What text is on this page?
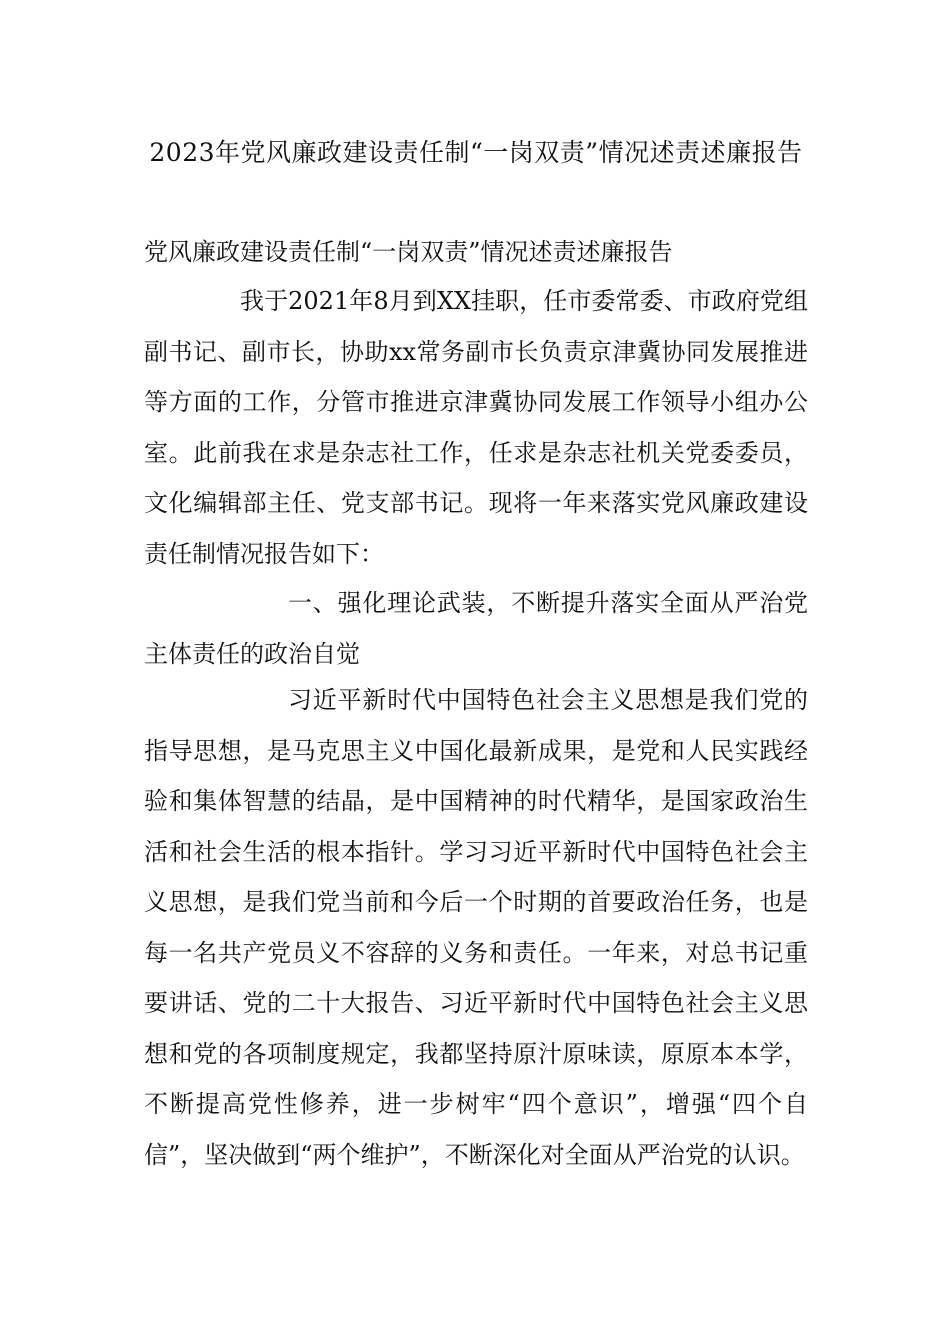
2023年党风廉政建设责任制“一岗双责”情况述责述廉报告

党风廉政建设责任制“一岗双责”情况述责述廉报告

我于2021年8月到XX挂职，任市委常委、市政府党组副书记、副市长，协助xx常务副市长负责京津冀协同发展推进等方面的工作，分管市推进京津冀协同发展工作领导小组办公室。此前我在求是杂志社工作，任求是杂志社机关党委委员，文化编辑部主任、党支部书记。现将一年来落实党风廉政建设责任制情况报告如下：

一、强化理论武装，不断提升落实全面从严治党主体责任的政治自觉

习近平新时代中国特色社会主义思想是我们党的指导思想，是马克思主义中国化最新成果，是党和人民实践经验和集体智慧的结晶，是中国精神的时代精华，是国家政治生活和社会生活的根本指针。学习习近平新时代中国特色社会主义思想，是我们党当前和今后一个时期的首要政治任务，也是每一名共产党员义不容辞的义务和责任。一年来，对总书记重要讲话、党的二十大报告、习近平新时代中国特色社会主义思想和党的各项制度规定，我都坚持原汁原味读，原原本本学，不断提高党性修养，进一步树牢“四个意识”，增强“四个自信”，坚决做到“两个维护”，不断深化对全面从严治党的认识。
